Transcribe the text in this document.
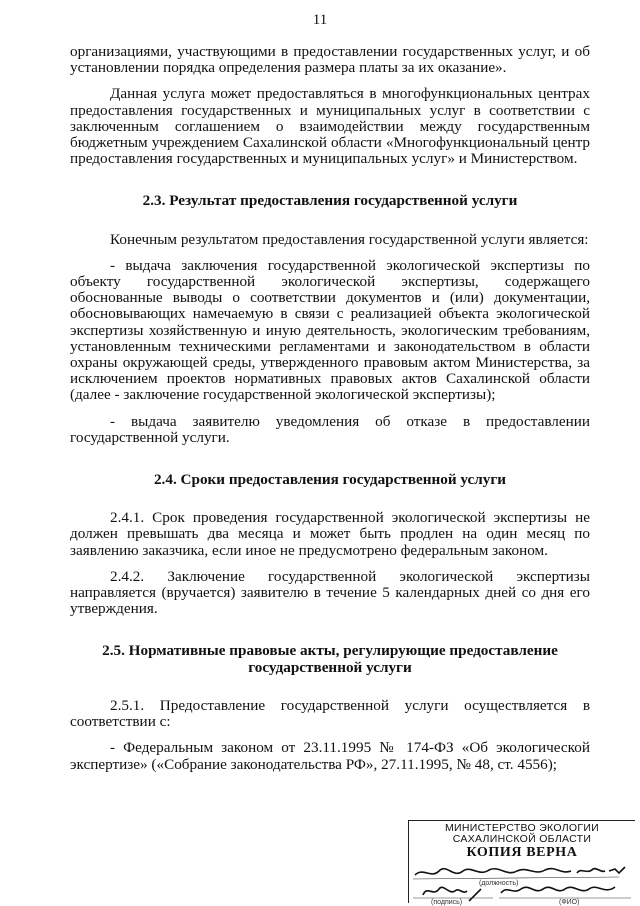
11

организациями, участвующими в предоставлении государственных услуг, и об установлении порядка определения размера платы за их оказание».

Данная услуга может предоставляться в многофункциональных центрах предоставления государственных и муниципальных услуг в соответствии с заключенным соглашением о взаимодействии между государственным бюджетным учреждением Сахалинской области «Многофункциональный центр предоставления государственных и муниципальных услуг» и Министерством.

2.3. Результат предоставления государственной услуги

Конечным результатом предоставления государственной услуги является:

- выдача заключения государственной экологической экспертизы по объекту государственной экологической экспертизы, содержащего обоснованные выводы о соответствии документов и (или) документации, обосновывающих намечаемую в связи с реализацией объекта экологической экспертизы хозяйственную и иную деятельность, экологическим требованиям, установленным техническими регламентами и законодательством в области охраны окружающей среды, утвержденного правовым актом Министерства, за исключением проектов нормативных правовых актов Сахалинской области (далее - заключение государственной экологической экспертизы);

- выдача заявителю уведомления об отказе в предоставлении государственной услуги.

2.4. Сроки предоставления государственной услуги

2.4.1. Срок проведения государственной экологической экспертизы не должен превышать два месяца и может быть продлен на один месяц по заявлению заказчика, если иное не предусмотрено федеральным законом.

2.4.2. Заключение государственной экологической экспертизы направляется (вручается) заявителю в течение 5 календарных дней со дня его утверждения.

2.5. Нормативные правовые акты, регулирующие предоставление государственной услуги

2.5.1. Предоставление государственной услуги осуществляется в соответствии с:

- Федеральным законом от 23.11.1995 № 174-ФЗ «Об экологической экспертизе» («Собрание законодательства РФ», 27.11.1995, № 48, ст. 4556);

МИНИСТЕРСТВО ЭКОЛОГИИ
САХАЛИНСКОЙ ОБЛАСТИ
КОПИЯ ВЕРНА
(должность)
(подпись)	(ФИО)
